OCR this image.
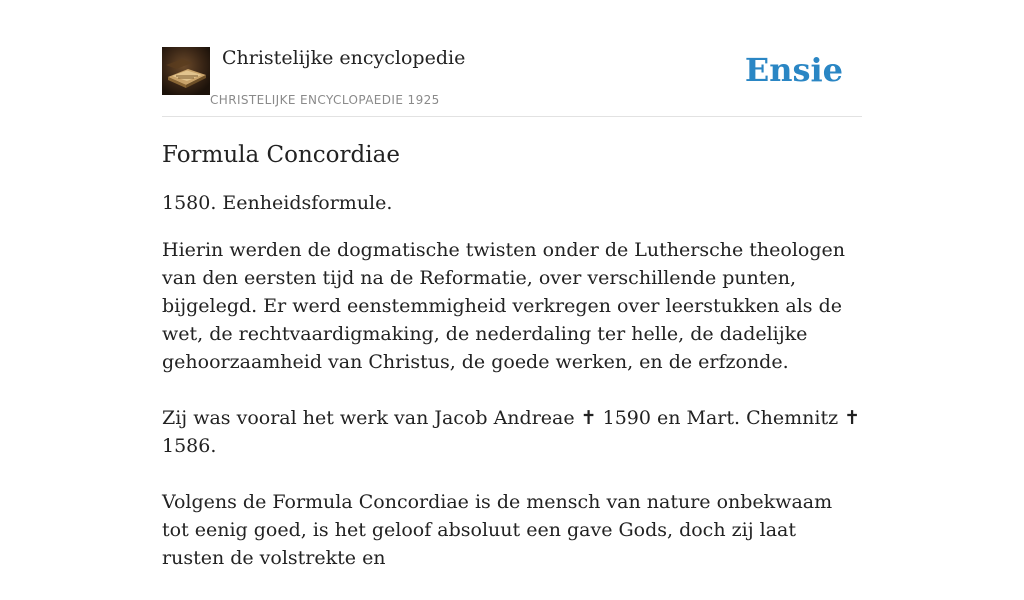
Christelijke encyclopedie
CHRISTELIJKE ENCYCLOPAEDIE 1925
Ensie
Formula Concordiae
1580. Eenheidsformule.

Hierin werden de dogmatische twisten onder de Luthersche theologen van den eersten tijd na de Reformatie, over verschillende punten, bijgelegd. Er werd eenstemmigheid verkregen over leerstukken als de wet, de rechtvaardigmaking, de nederdaling ter helle, de dadelijke gehoorzaamheid van Christus, de goede werken, en de erfzonde.

Zij was vooral het werk van Jacob Andreae ✝ 1590 en Mart. Chemnitz ✝ 1586.

Volgens de Formula Concordiae is de mensch van nature onbekwaam tot eenig goed, is het geloof absoluut een gave Gods, doch zij laat rusten de volstrekte en
